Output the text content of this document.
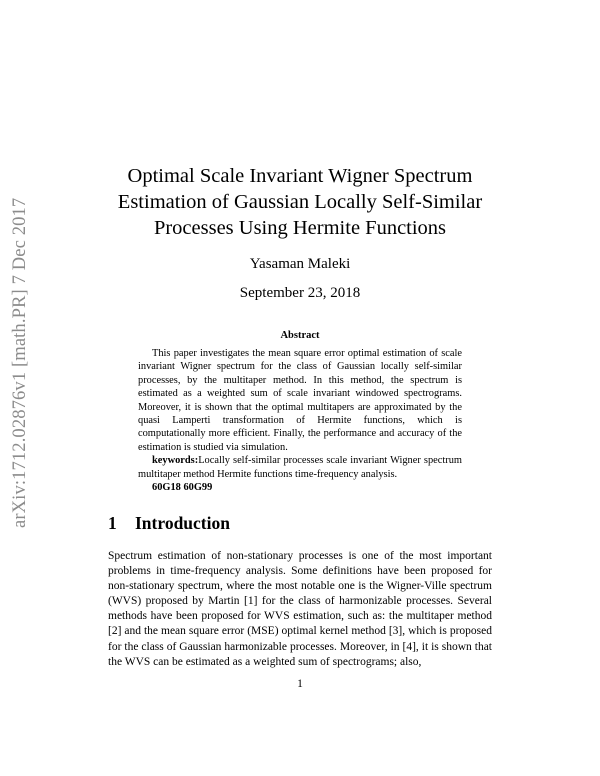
arXiv:1712.02876v1 [math.PR] 7 Dec 2017
Optimal Scale Invariant Wigner Spectrum
Estimation of Gaussian Locally Self-Similar
Processes Using Hermite Functions
Yasaman Maleki
September 23, 2018
Abstract

This paper investigates the mean square error optimal estimation of scale invariant Wigner spectrum for the class of Gaussian locally self-similar processes, by the multitaper method. In this method, the spectrum is estimated as a weighted sum of scale invariant windowed spectrograms. Moreover, it is shown that the optimal multitapers are approximated by the quasi Lamperti transformation of Hermite functions, which is computationally more efficient. Finally, the performance and accuracy of the estimation is studied via simulation.

keywords:Locally self-similar processes scale invariant Wigner spectrum multitaper method Hermite functions time-frequency analysis.

60G18 60G99

1 Introduction

Spectrum estimation of non-stationary processes is one of the most important problems in time-frequency analysis. Some definitions have been proposed for non-stationary spectrum, where the most notable one is the Wigner-Ville spectrum (WVS) proposed by Martin [1] for the class of harmonizable processes. Several methods have been proposed for WVS estimation, such as: the multitaper method [2] and the mean square error (MSE) optimal kernel method [3], which is proposed for the class of Gaussian harmonizable processes. Moreover, in [4], it is shown that the WVS can be estimated as a weighted sum of spectrograms; also,

1
